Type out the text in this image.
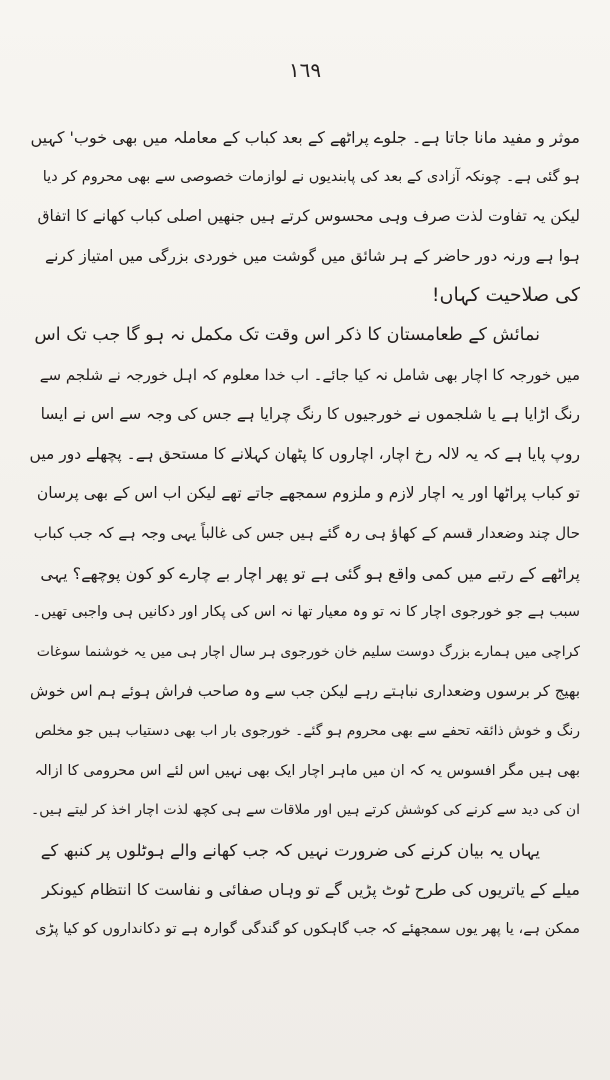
١٦٩
موثر و مفید مانا جاتا ہے۔ جلوے پراٹھے کے بعد کباب کے معاملہ میں بھی خوب' کہیں
ہو گئی ہے۔ چونکہ آزادی کے بعد کی پابندیوں نے لوازمات خصوصی سے بھی محروم کر دیا
لیکن یہ تفاوت لذت صرف وہی محسوس کرتے ہیں جنھیں اصلی کباب کھانے کا اتفاق
ہوا ہے ورنہ دور حاضر کے ہر شائق میں گوشت میں خوردی بزرگی میں امتیاز کرنے
کی صلاحیت کہاں!
نمائش کے طعامستان کا ذکر اس وقت تک مکمل نہ ہو گا جب تک اس
میں خورجہ کا اچار بھی شامل نہ کیا جائے۔ اب خدا معلوم کہ اہل خورجہ نے شلجم سے
رنگ اڑایا ہے یا شلجموں نے خورجیوں کا رنگ چرایا ہے جس کی وجہ سے اس نے ایسا
روپ پایا ہے کہ یہ لالہ رخ اچار، اچاروں کا پٹھان کہلانے کا مستحق ہے۔ پچھلے دور میں
تو کباب پراٹھا اور یہ اچار لازم و ملزوم سمجھے جاتے تھے لیکن اب اس کے بھی پرسان
حال چند وضعدار قسم کے کھاؤ ہی رہ گئے ہیں جس کی غالباً یہی وجہ ہے کہ جب کباب
پراٹھے کے رتبے میں کمی واقع ہو گئی ہے تو پھر اچار بے چارے کو کون پوچھے؟ یہی
سبب ہے جو خورجوی اچار کا نہ تو وہ معیار تھا نہ اس کی پکار اور دکانیں ہی واجبی تھیں۔
کراچی میں ہمارے بزرگ دوست سلیم خان خورجوی ہر سال اچار ہی میں یہ خوشنما سوغات
بھیج کر برسوں وضعداری نباہتے رہے لیکن جب سے وہ صاحب فراش ہوئے ہم اس خوش
رنگ و خوش ذائقہ تحفے سے بھی محروم ہو گئے۔ خورجوی بار اب بھی دستیاب ہیں جو مخلص
بھی ہیں مگر افسوس یہ کہ ان میں ماہر اچار ایک بھی نہیں اس لئے اس محرومی کا ازالہ
ان کی دید سے کرنے کی کوشش کرتے ہیں اور ملاقات سے ہی کچھ لذت اچار اخذ کر لیتے ہیں۔
یہاں یہ بیان کرنے کی ضرورت نہیں کہ جب کھانے والے ہوٹلوں پر کنبھ کے
میلے کے یاتریوں کی طرح ٹوٹ پڑیں گے تو وہاں صفائی و نفاست کا انتظام کیونکر
ممکن ہے، یا پھر یوں سمجھئے کہ جب گاہکوں کو گندگی گوارہ ہے تو دکانداروں کو کیا پڑی
